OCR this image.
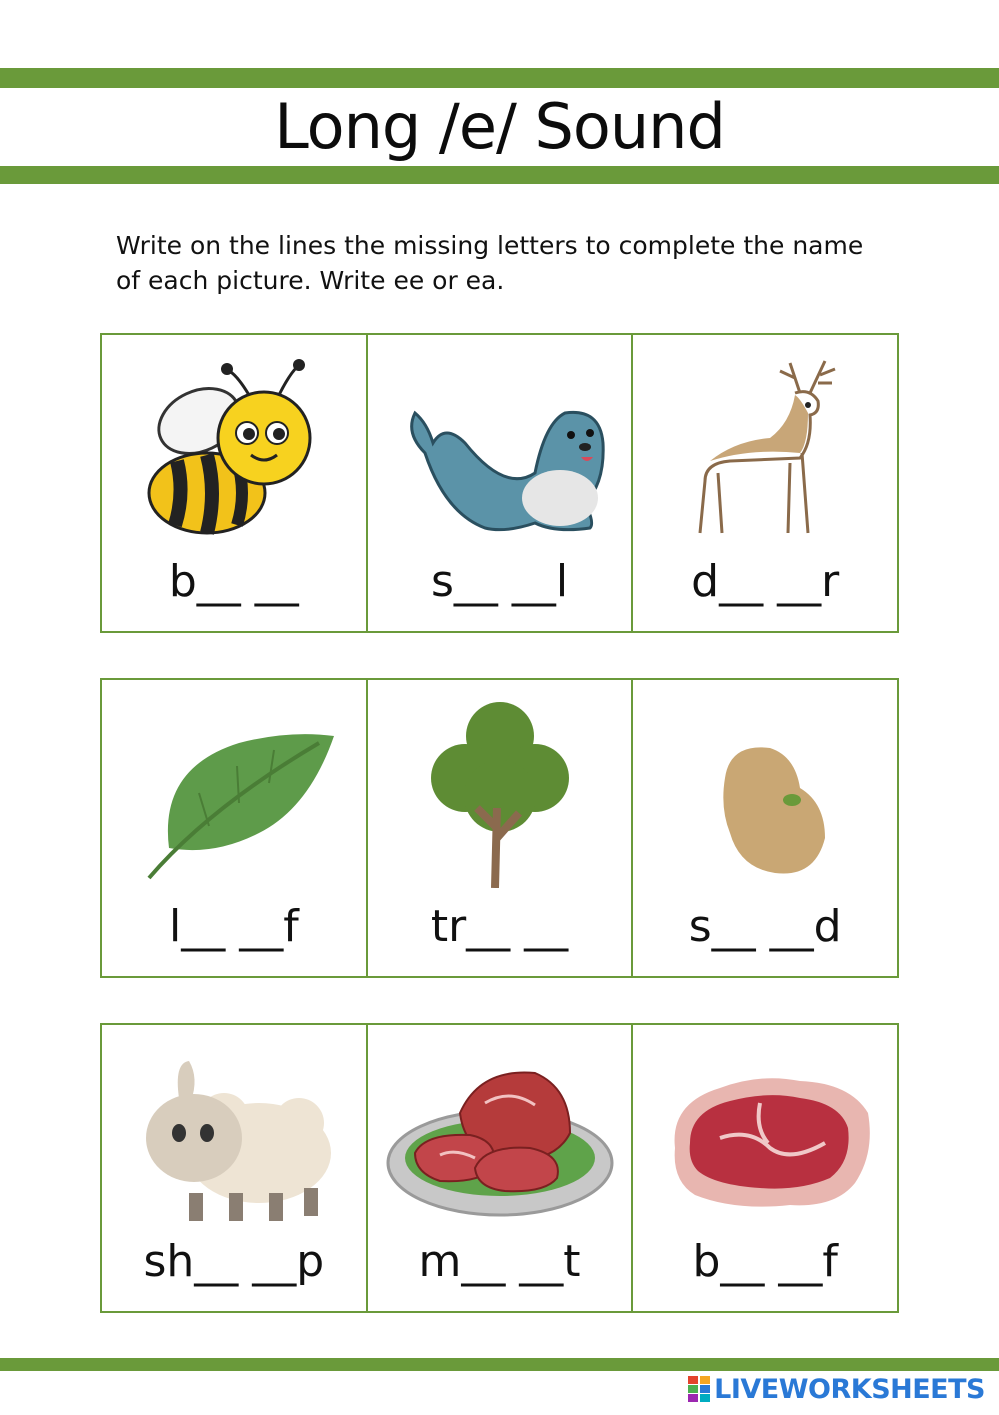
Long /e/ Sound
Write on the lines the missing letters to complete the name of each picture. Write ee or ea.
b__ __	s__ __l	d__ __r
l__ __f	tr__ __	s__ __d
sh__ __p	m__ __t	b__ __f
LIVEWORKSHEETS
